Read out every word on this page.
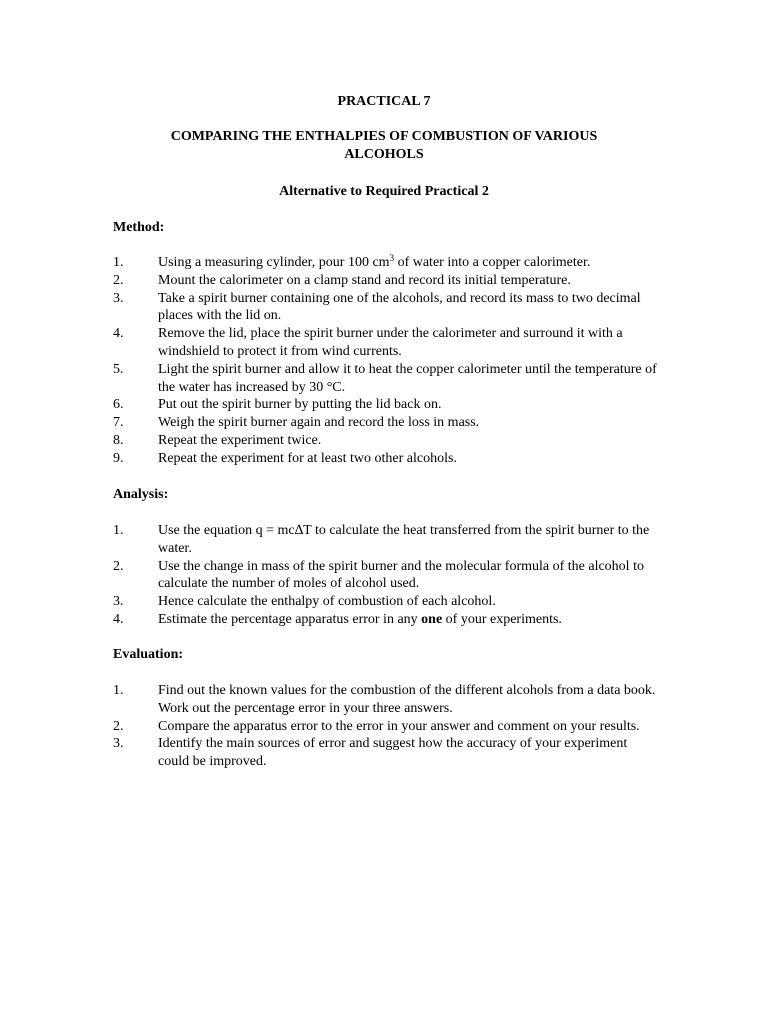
PRACTICAL 7
COMPARING THE ENTHALPIES OF COMBUSTION OF VARIOUS
ALCOHOLS
Alternative to Required Practical 2
Method:
1. Using a measuring cylinder, pour 100 $cm^3$ of water into a copper calorimeter.
2. Mount the calorimeter on a clamp stand and record its initial temperature.
3. Take a spirit burner containing one of the alcohols, and record its mass to two decimal places with the lid on.
4. Remove the lid, place the spirit burner under the calorimeter and surround it with a windshield to protect it from wind currents.
5. Light the spirit burner and allow it to heat the copper calorimeter until the temperature of the water has increased by 30 °C.
6. Put out the spirit burner by putting the lid back on.
7. Weigh the spirit burner again and record the loss in mass.
8. Repeat the experiment twice.
9. Repeat the experiment for at least two other alcohols.
Analysis:
1. Use the equation q = mc∆T to calculate the heat transferred from the spirit burner to the water.
2. Use the change in mass of the spirit burner and the molecular formula of the alcohol to calculate the number of moles of alcohol used.
3. Hence calculate the enthalpy of combustion of each alcohol.
4. Estimate the percentage apparatus error in any one of your experiments.
Evaluation:
1. Find out the known values for the combustion of the different alcohols from a data book. Work out the percentage error in your three answers.
2. Compare the apparatus error to the error in your answer and comment on your results.
3. Identify the main sources of error and suggest how the accuracy of your experiment could be improved.
